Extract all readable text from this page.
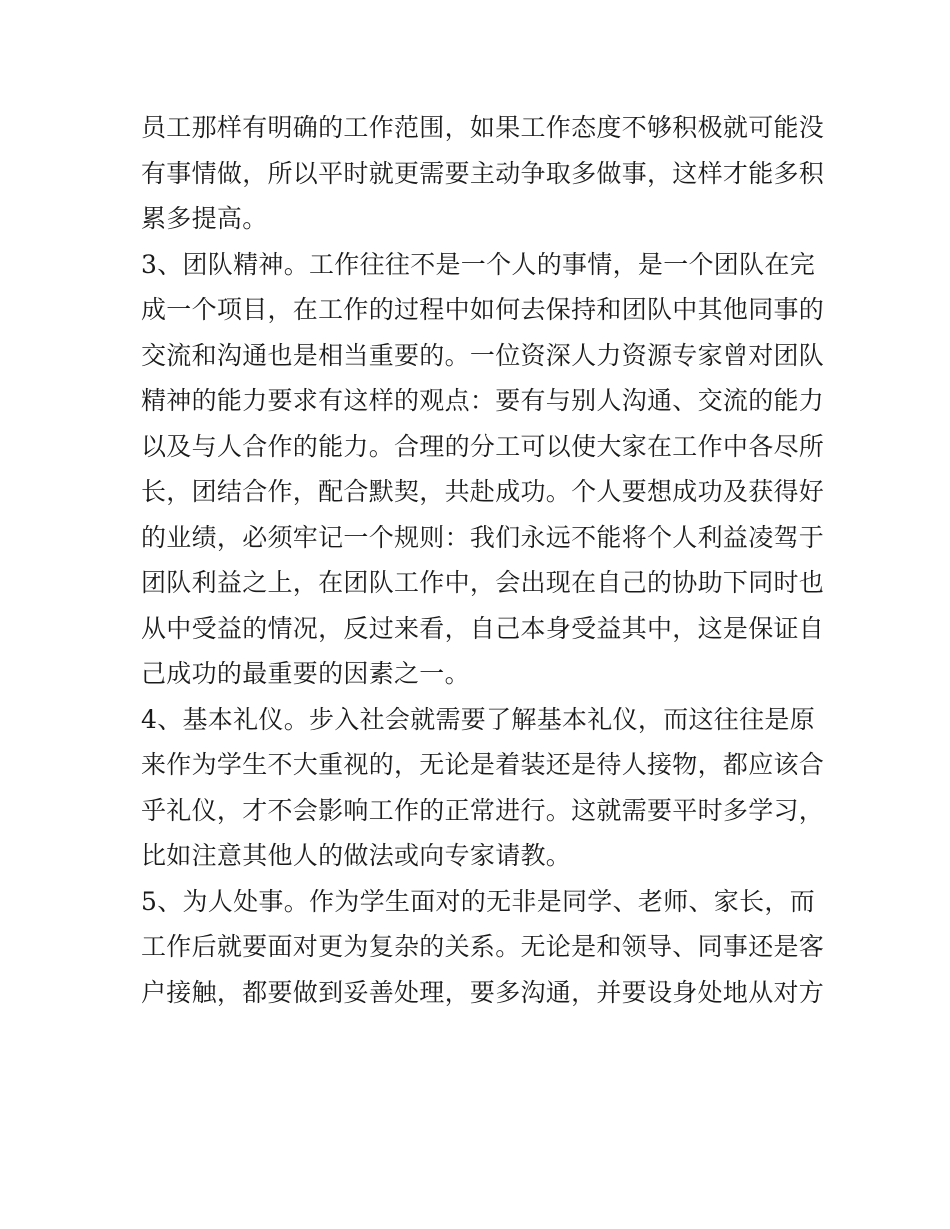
员工那样有明确的工作范围，如果工作态度不够积极就可能没
有事情做，所以平时就更需要主动争取多做事，这样才能多积
累多提高。
3、团队精神。工作往往不是一个人的事情，是一个团队在完
成一个项目，在工作的过程中如何去保持和团队中其他同事的
交流和沟通也是相当重要的。一位资深人力资源专家曾对团队
精神的能力要求有这样的观点：要有与别人沟通、交流的能力
以及与人合作的能力。合理的分工可以使大家在工作中各尽所
长，团结合作，配合默契，共赴成功。个人要想成功及获得好
的业绩，必须牢记一个规则：我们永远不能将个人利益凌驾于
团队利益之上，在团队工作中，会出现在自己的协助下同时也
从中受益的情况，反过来看，自己本身受益其中，这是保证自
己成功的最重要的因素之一。
4、基本礼仪。步入社会就需要了解基本礼仪，而这往往是原
来作为学生不大重视的，无论是着装还是待人接物，都应该合
乎礼仪，才不会影响工作的正常进行。这就需要平时多学习，
比如注意其他人的做法或向专家请教。
5、为人处事。作为学生面对的无非是同学、老师、家长，而
工作后就要面对更为复杂的关系。无论是和领导、同事还是客
户接触，都要做到妥善处理，要多沟通，并要设身处地从对方
